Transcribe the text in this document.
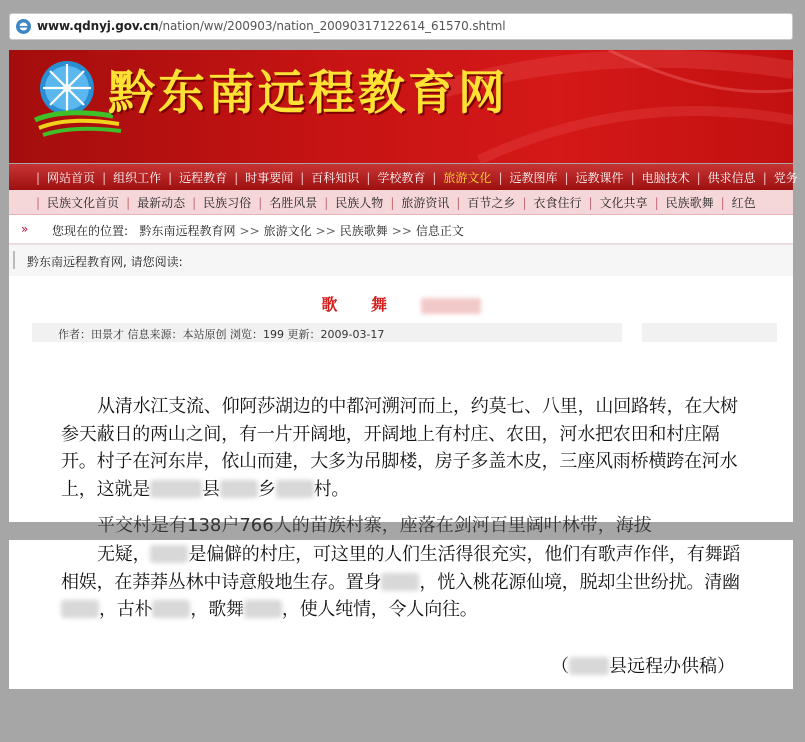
www.qdnyj.gov.cn/nation/ww/200903/nation_20090317122614_61570.shtml
黔东南远程教育网
| 网站首页 | 组织工作 | 远程教育 | 时事要闻 | 百科知识 | 学校教育 | 旅游文化 | 远教图库 | 远教课件 | 电脑技术 | 供求信息 | 党务
| 民族文化首页 | 最新动态 | 民族习俗 | 名胜风景 | 民族人物 | 旅游资讯 | 百节之乡 | 衣食住行 | 文化共享 | 民族歌舞 | 红色
» 您现在的位置: 黔东南远程教育网 >> 旅游文化 >> 民族歌舞 >> 信息正文
黔东南远程教育网, 请您阅读:
歌 舞
作者：田景才 信息来源：本站原创 浏览：199 更新：2009-03-17

从清水江支流、仰阿莎湖边的中都河溯河而上，约莫七、八里，山回路转，在大树参天蔽日的两山之间，有一片开阔地，开阔地上有村庄、农田，河水把农田和村庄隔开。村子在河东岸，依山而建，大多为吊脚楼，房子多盖木皮，三座风雨桥横跨在河水上，这就是	县 乡 村。

平交村是有138户766人的苗族村寨，座落在剑河百里阔叶林带，海拔

无疑， 是偏僻的村庄，可这里的人们生活得很充实，他们有歌声作伴，有舞蹈相娱，在莽莽丛林中诗意般地生存。置身 ，恍入桃花源仙境，脱却尘世纷扰。清幽，古朴 ，歌舞 ，使人纯情，令人向往。

（ 县远程办供稿）
